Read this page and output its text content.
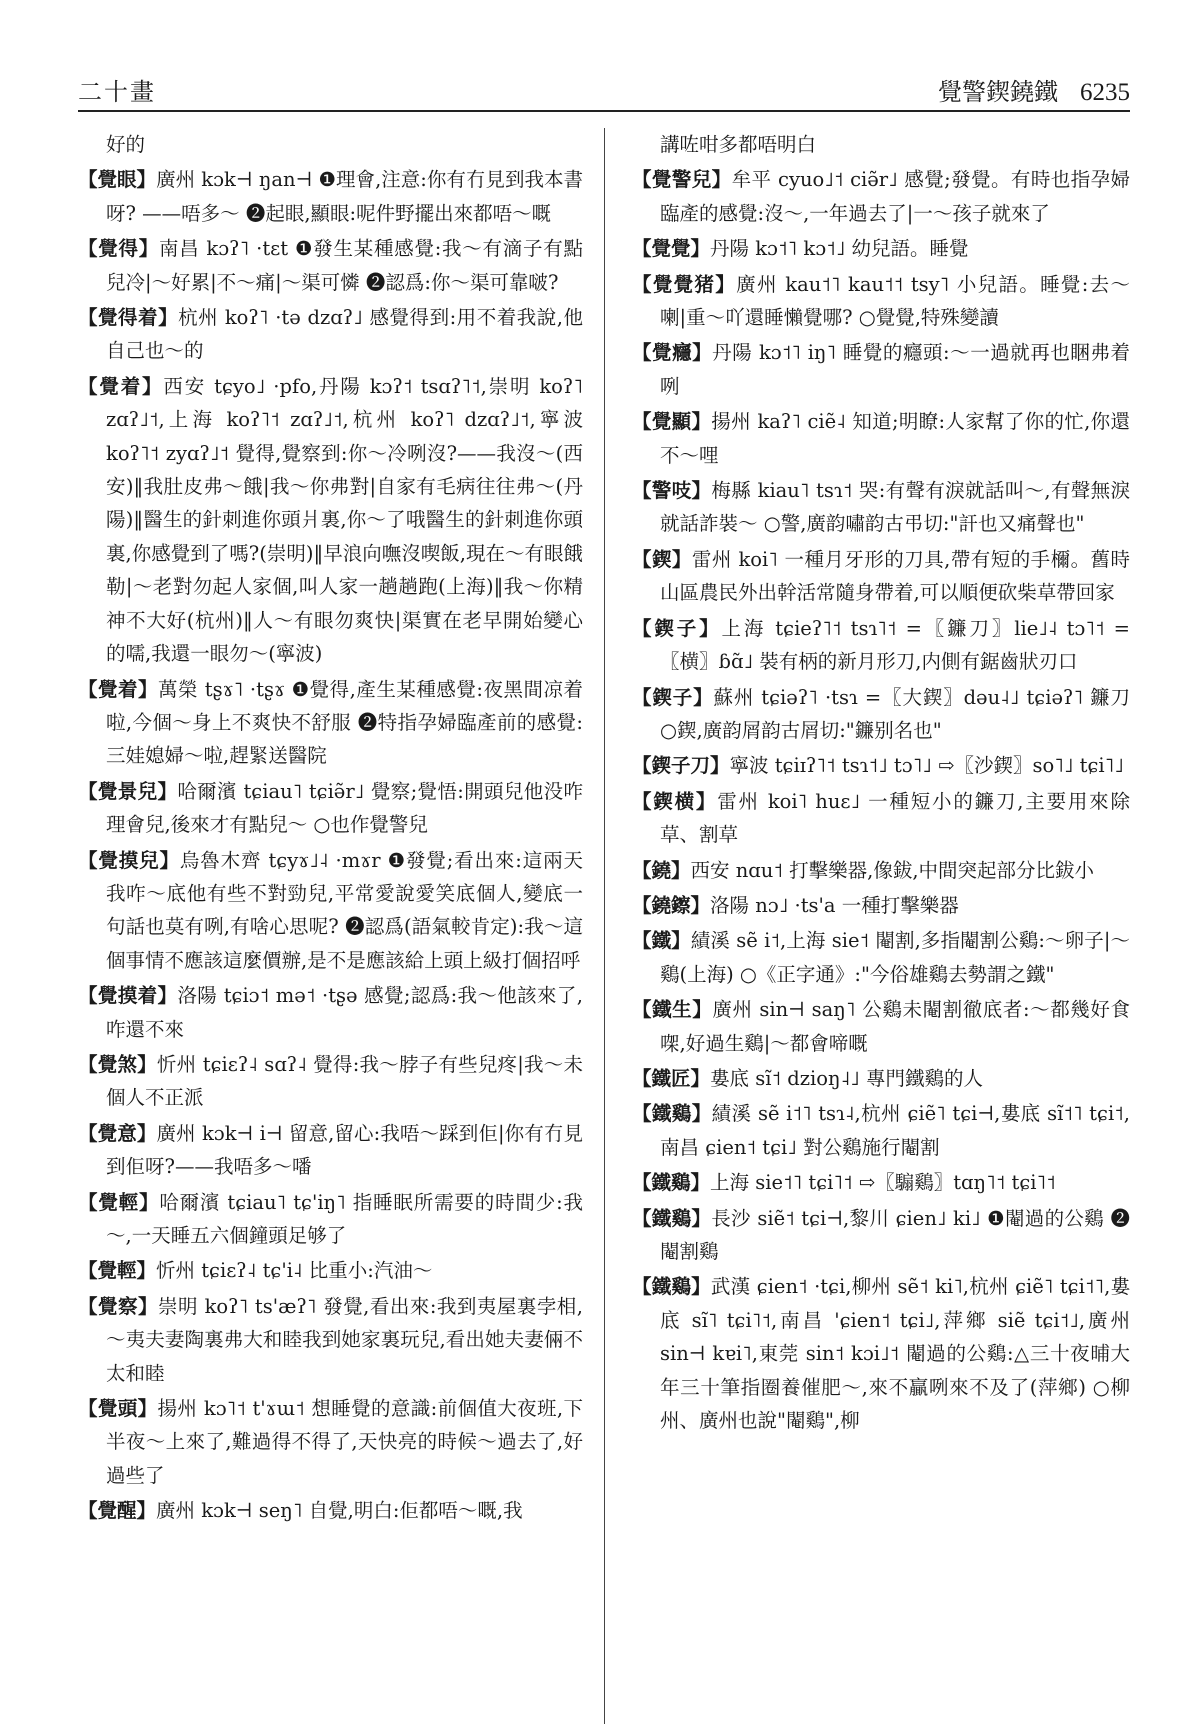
二十畫	覺警鍥鐃鐵 6235

好的

【覺眼】廣州 kɔk⊣ ŋan⊣ ❶理會,注意:你有冇見到我本書呀? ——唔多～ ❷起眼,顯眼:呢件野擺出來都唔～嘅

【覺得】南昌 kɔʔ˥ ·tɛt ❶發生某種感覺:我～有滴子有點兒冷|～好累|不～痛|～渠可憐 ❷認爲:你～渠可靠啵?

【覺得着】杭州 koʔ˥ ·tə dzɑʔ˩ 感覺得到:用不着我說,他自己也～的

【覺着】西安 tɕyo˩ ·pfo,丹陽 kɔʔ˦ tsɑʔ˥˦,崇明 koʔ˥ zɑʔ˩˦,上海 koʔ˥˦ zɑʔ˩˦,杭州 koʔ˥ dzɑʔ˩˦,寧波 koʔ˥˦ zyɑʔ˩˦ 覺得,覺察到:你～冷咧沒?——我沒～(西安)‖我肚皮弗～餓|我～你弗對|自家有毛病往往弗～(丹陽)‖醫生的針刺進你頭爿裏,你～了哦醫生的針刺進你頭裏,你感覺到了嗎?(崇明)‖早浪向嘸沒喫飯,現在～有眼餓勒|～老對勿起人家個,叫人家一趟趟跑(上海)‖我～你精神不大好(杭州)‖人～有眼勿爽快|渠實在老早開始變心的嚅,我還一眼勿～(寧波)

【覺着】萬榮 tʂɤ˥ ·tʂɤ ❶覺得,產生某種感覺:夜黑間凉着啦,今個～身上不爽快不舒服 ❷特指孕婦臨產前的感覺:三娃媳婦～啦,趕緊送醫院

【覺景兒】哈爾濱 tɕiau˥ tɕiə̃r˩ 覺察;覺悟:開頭兒他没咋理會兒,後來才有點兒～ ○也作覺警兒

【覺摸兒】烏魯木齊 tɕyɤ˩˨ ·mɤr ❶發覺;看出來:這兩天我咋～底他有些不對勁兒,平常愛說愛笑底個人,變底一句話也莫有咧,有啥心思呢? ❷認爲(語氣較肯定):我～這個事情不應該這麼價辦,是不是應該給上頭上級打個招呼

【覺摸着】洛陽 tɕiɔ˦ mə˦ ·tʂə 感覺;認爲:我～他該來了,咋還不來

【覺煞】忻州 tɕiɛʔ˨ sɑʔ˨ 覺得:我～脖子有些兒疼|我～未個人不正派

【覺意】廣州 kɔk⊣ i⊣ 留意,留心:我唔～踩到佢|你有冇見到佢呀?——我唔多～噃

【覺輕】哈爾濱 tɕiau˥ tɕ'iŋ˥ 指睡眠所需要的時間少:我～,一天睡五六個鐘頭足够了

【覺輕】忻州 tɕiɛʔ˨ tɕ'i˨ 比重小:汽油～

【覺察】崇明 koʔ˥ ts'æʔ˥ 發覺,看出來:我到夷屋裏孛相,～夷夫妻陶裏弗大和睦我到她家裏玩兒,看出她夫妻倆不太和睦

【覺頭】揚州 kɔ˥˦ t'ɤɯ˦ 想睡覺的意識:前個值大夜班,下半夜～上來了,難過得不得了,天快亮的時候～過去了,好過些了

【覺醒】廣州 kɔk⊣ seŋ˥ 自覺,明白:佢都唔～嘅,我

講咗咁多都唔明白

【覺警兒】牟平 cyuo˩˦ ciə̃r˩ 感覺;發覺。有時也指孕婦臨產的感覺:沒～,一年過去了|一～孩子就來了

【覺覺】丹陽 kɔ˦˥ kɔ˦˩ 幼兒語。睡覺

【覺覺猪】廣州 kau˦˥ kau˦˦ tsy˥ 小兒語。睡覺:去～喇|重～吖還睡懶覺哪? ○覺覺,特殊變讀

【覺癮】丹陽 kɔ˦˥ iŋ˥ 睡覺的癮頭:～一過就再也睏弗着咧

【覺顯】揚州 kaʔ˥ ciẽ˨ 知道;明瞭:人家幫了你的忙,你還不～哩

【警吱】梅縣 kiau˥ tsɿ˦ 哭:有聲有淚就話叫～,有聲無淚就話詐裝～ ○警,廣韵嘯韵古弔切:"訐也又痛聲也"

【鍥】雷州 koi˥ 一種月牙形的刀具,帶有短的手檷。舊時山區農民外出幹活常隨身帶着,可以順便砍柴草帶回家

【鍥子】上海 tɕieʔ˥˦ tsɿ˥˦ =〖鐮刀〗lie˩˨ tɔ˥˦ =〖横〗ɓɑ̃˩ 裝有柄的新月形刀,内側有鋸齒狀刃口

【鍥子】蘇州 tɕiəʔ˥ ·tsɿ =〖大鍥〗dəu˨˩ tɕiəʔ˥ 鐮刀 ○鍥,廣韵屑韵古屑切:"鐮别名也"

【鍥子刀】寧波 tɕiɪʔ˥˦ tsɿ˦˩ tɔ˥˩ ⇨〖沙鍥〗so˥˩ tɕi˥˩

【鍥横】雷州 koi˥ huɛ˩ 一種短小的鐮刀,主要用來除草、割草

【鐃】西安 nɑu˦ 打擊樂器,像鈸,中間突起部分比鈸小

【鐃鑔】洛陽 nɔ˩ ·ts'a 一種打擊樂器

【鐵】績溪 sẽ i˦,上海 sie˦ 閹割,多指閹割公鷄:～卵子|～鷄(上海) ○《正字通》:"今俗雄鷄去勢謂之鐵"

【鐵生】廣州 sin⊣ saŋ˥ 公鷄未閹割徹底者:～都幾好食㗎,好過生鷄|～都會啼嘅

【鐵匠】婁底 sĩ˦ dzioŋ˨˩ 專門鐵鷄的人

【鐵鷄】績溪 sẽ i˦˥ tsɿ˨,杭州 ɕiẽ˥ tɕi⊣,婁底 sĩ˦˥ tɕi˦,南昌 ɕien˦ tɕi˩ 對公鷄施行閹割

【鐵鷄】上海 sie˦˥ tɕi˥˦ ⇨〖騸鷄〗tɑŋ˥˦ tɕi˥˦

【鐵鷄】長沙 siẽ˦ tɕi⊣,黎川 ɕien˩ ki˩ ❶閹過的公鷄 ❷閹割鷄

【鐵鷄】武漢 ɕien˦ ·tɕi,柳州 sẽ˦ ki˥,杭州 ɕiẽ˥ tɕi˦˥,婁底 sĩ˥ tɕi˥˦,南昌 'ɕien˦ tɕi˩,萍鄉 siẽ tɕi˦˩,廣州 sin⊣ kɐi˥,東莞 sin˦ kɔi˩˦ 閹過的公鷄:△三十夜晡大年三十筆指圈養催肥～,來不贏咧來不及了(萍鄉) ○柳州、廣州也說"閹鷄",柳
